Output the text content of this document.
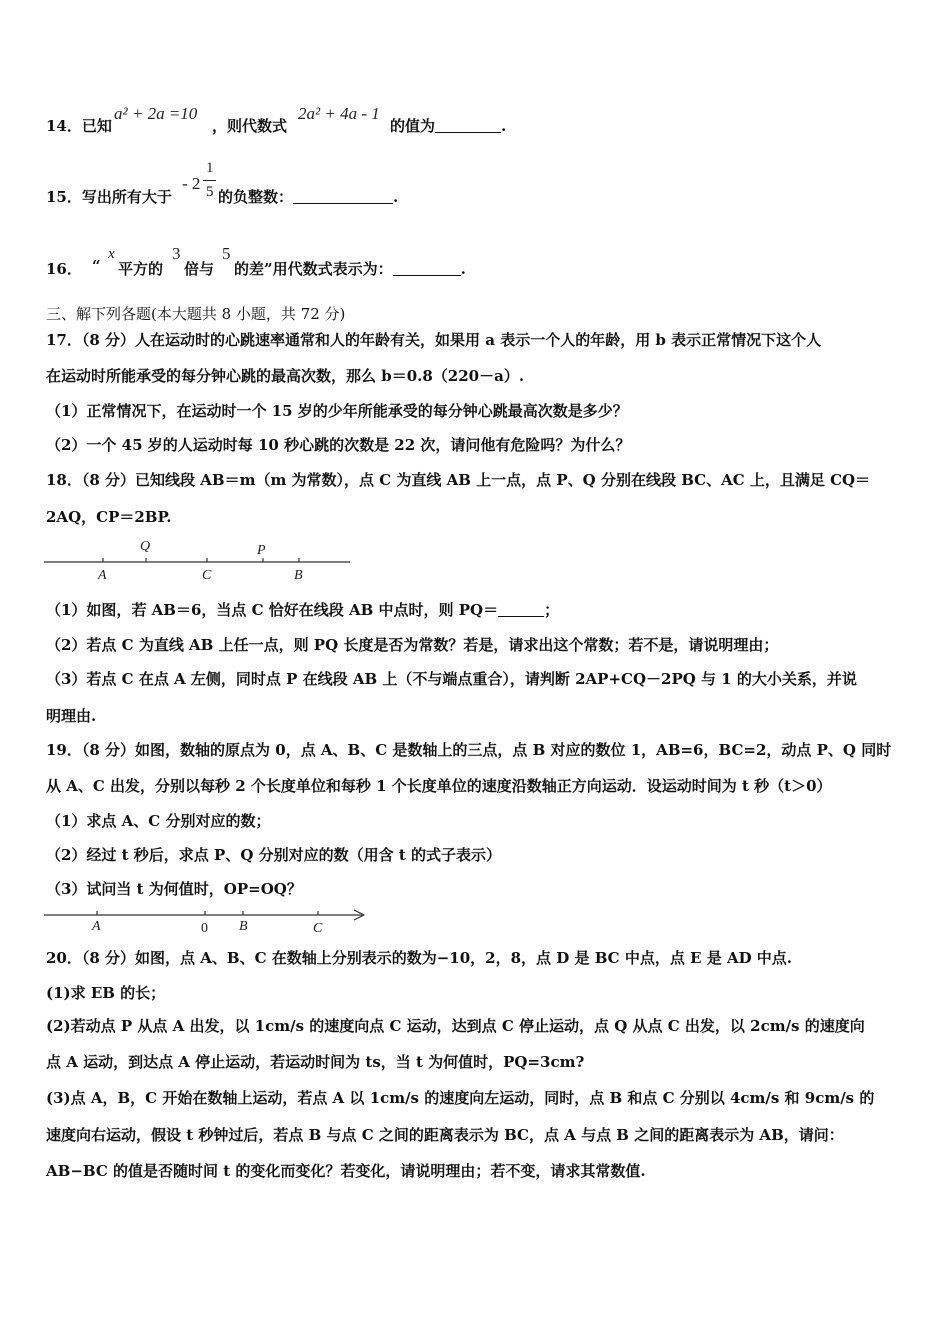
14．已知
a² + 2a =10
，则代数式
2a² + 4a - 1
的值为	.
15．写出所有大于
- 2
1
5 的负整数：	.
16． “
x
平方的
3
倍与
5
的差”用代数式表示为：	.
三、解下列各题(本大题共 8 小题，共 72 分)
17．（8 分）人在运动时的心跳速率通常和人的年龄有关，如果用 a 表示一个人的年龄，用 b 表示正常情况下这个人
在运动时所能承受的每分钟心跳的最高次数，那么 b＝0.8（220－a）.
（1）正常情况下，在运动时一个 15 岁的少年所能承受的每分钟心跳最高次数是多少？
（2）一个 45 岁的人运动时每 10 秒心跳的次数是 22 次，请问他有危险吗？为什么？
18．（8 分）已知线段 AB＝m（m 为常数），点 C 为直线 AB 上一点，点 P、Q 分别在线段 BC、AC 上，且满足 CQ＝
2AQ，CP＝2BP.
A	C	B
Q	P
（1）如图，若 AB＝6，当点 C 恰好在线段 AB 中点时，则 PQ＝	；
（2）若点 C 为直线 AB 上任一点，则 PQ 长度是否为常数？若是，请求出这个常数；若不是，请说明理由；
（3）若点 C 在点 A 左侧，同时点 P 在线段 AB 上（不与端点重合），请判断 2AP+CQ－2PQ 与 1 的大小关系，并说
明理由.
19．（8 分）如图，数轴的原点为 0，点 A、B、C 是数轴上的三点，点 B 对应的数位 1，AB=6，BC=2，动点 P、Q 同时
从 A、C 出发，分别以每秒 2 个长度单位和每秒 1 个长度单位的速度沿数轴正方向运动．设运动时间为 t 秒（t＞0）
（1）求点 A、C 分别对应的数；
（2）经过 t 秒后，求点 P、Q 分别对应的数（用含 t 的式子表示）
（3）试问当 t 为何值时，OP=OQ？
A	0 B	C
20．（8 分）如图，点 A、B、C 在数轴上分别表示的数为−10，2，8，点 D 是 BC 中点，点 E 是 AD 中点.
(1)求 EB 的长；
(2)若动点 P 从点 A 出发，以 1cm/s 的速度向点 C 运动，达到点 C 停止运动，点 Q 从点 C 出发，以 2cm/s 的速度向
点 A 运动，到达点 A 停止运动，若运动时间为 ts，当 t 为何值时，PQ=3cm?
(3)点 A，B，C 开始在数轴上运动，若点 A 以 1cm/s 的速度向左运动，同时，点 B 和点 C 分别以 4cm/s 和 9cm/s 的
速度向右运动，假设 t 秒钟过后，若点 B 与点 C 之间的距离表示为 BC，点 A 与点 B 之间的距离表示为 AB，请问：
AB−BC 的值是否随时间 t 的变化而变化？若变化，请说明理由；若不变，请求其常数值.
